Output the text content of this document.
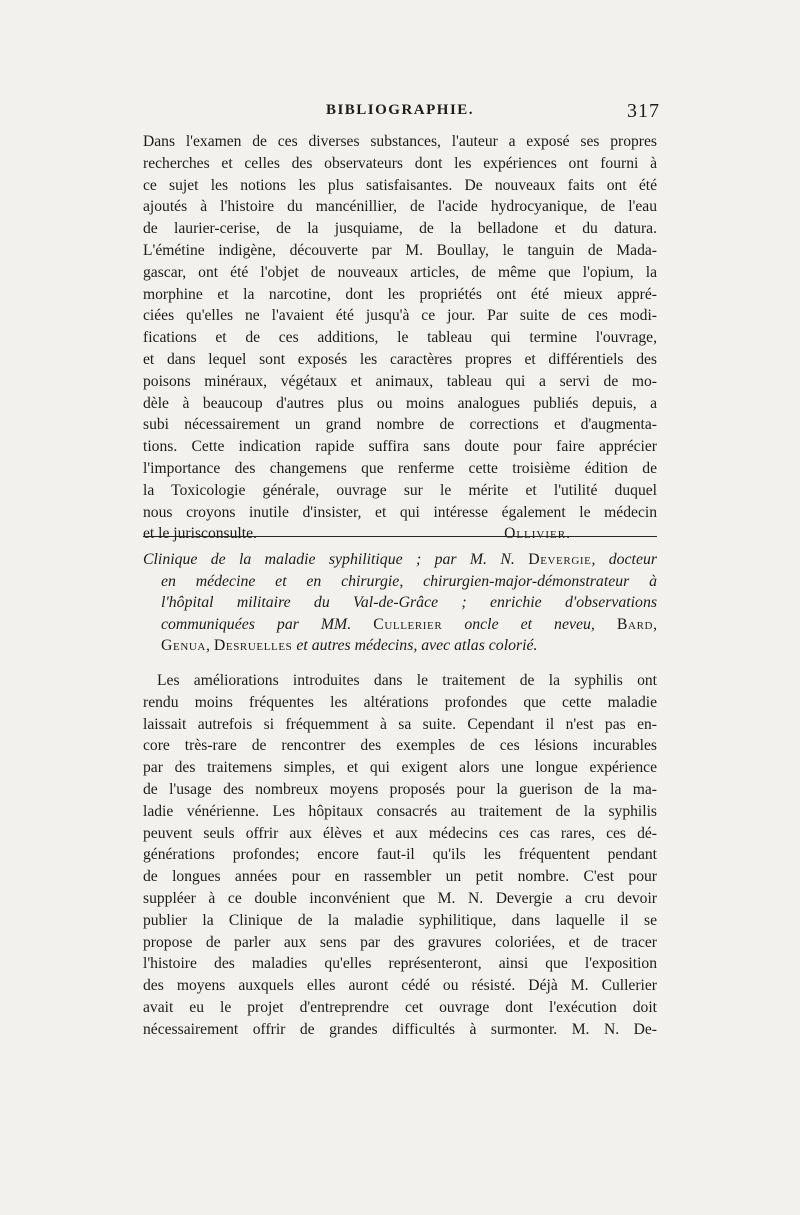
BIBLIOGRAPHIE.	317
Dans l'examen de ces diverses substances, l'auteur a exposé ses propres
recherches et celles des observateurs dont les expériences ont fourni à
ce sujet les notions les plus satisfaisantes. De nouveaux faits ont été
ajoutés à l'histoire du mancénillier, de l'acide hydrocyanique, de l'eau
de laurier-cerise, de la jusquiame, de la belladone et du datura.
L'émétine indigène, découverte par M. Boullay, le tanguin de Mada-
gascar, ont été l'objet de nouveaux articles, de même que l'opium, la
morphine et la narcotine, dont les propriétés ont été mieux appré-
ciées qu'elles ne l'avaient été jusqu'à ce jour. Par suite de ces modi-
fications et de ces additions, le tableau qui termine l'ouvrage,
et dans lequel sont exposés les caractères propres et différentiels des
poisons minéraux, végétaux et animaux, tableau qui a servi de mo-
dèle à beaucoup d'autres plus ou moins analogues publiés depuis, a
subi nécessairement un grand nombre de corrections et d'augmenta-
tions. Cette indication rapide suffira sans doute pour faire apprécier
l'importance des changemens que renferme cette troisième édition de
la Toxicologie générale, ouvrage sur le mérite et l'utilité duquel
nous croyons inutile d'insister, et qui intéresse également le médecin
et le jurisconsulte.	Ollivier.
Clinique de la maladie syphilitique ; par M. N. Devergie, docteur
en médecine et en chirurgie, chirurgien-major-démonstrateur à
l'hôpital militaire du Val-de-Grâce ; enrichie d'observations
communiquées par MM. Cullerier oncle et neveu, Bard,
Genua, Desruelles et autres médecins, avec atlas colorié.
Les améliorations introduites dans le traitement de la syphilis ont
rendu moins fréquentes les altérations profondes que cette maladie
laissait autrefois si fréquemment à sa suite. Cependant il n'est pas en-
core très-rare de rencontrer des exemples de ces lésions incurables
par des traitemens simples, et qui exigent alors une longue expérience
de l'usage des nombreux moyens proposés pour la guerison de la ma-
ladie vénérienne. Les hôpitaux consacrés au traitement de la syphilis
peuvent seuls offrir aux élèves et aux médecins ces cas rares, ces dé-
générations profondes; encore faut-il qu'ils les fréquentent pendant
de longues années pour en rassembler un petit nombre. C'est pour
suppléer à ce double inconvénient que M. N. Devergie a cru devoir
publier la Clinique de la maladie syphilitique, dans laquelle il se
propose de parler aux sens par des gravures coloriées, et de tracer
l'histoire des maladies qu'elles représenteront, ainsi que l'exposition
des moyens auxquels elles auront cédé ou résisté. Déjà M. Cullerier
avait eu le projet d'entreprendre cet ouvrage dont l'exécution doit
nécessairement offrir de grandes difficultés à surmonter. M. N. De-
